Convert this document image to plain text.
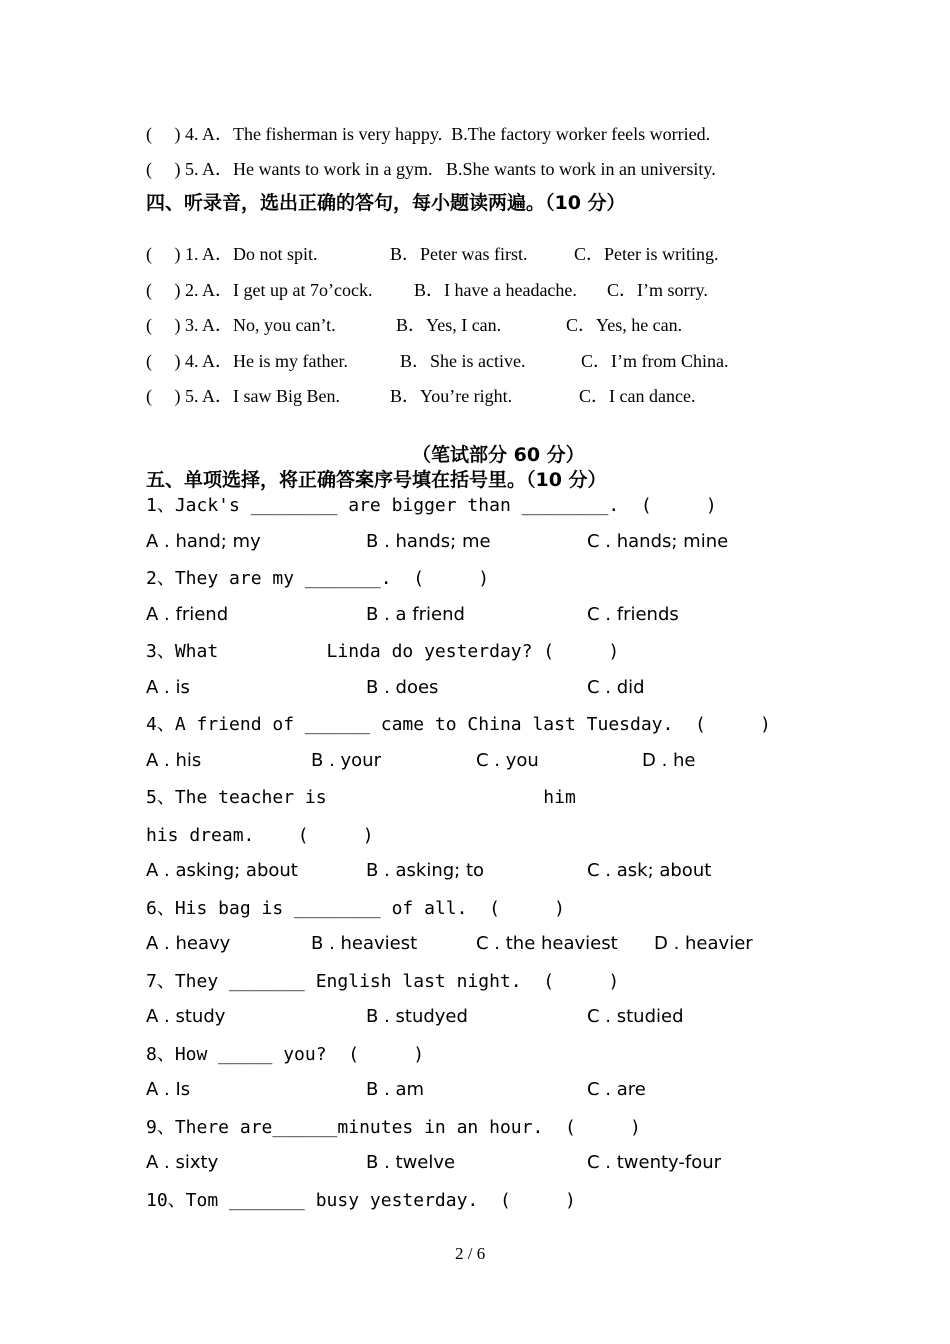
(     ) 4. A．The fisherman is very happy.  B.The factory worker feels worried.
(     ) 5. A．He wants to work in a gym.   B.She wants to work in an university.
四、听录音，选出正确的答句，每小题读两遍。（10 分）
(     ) 1. A．Do not spit.	B．Peter was first.	C．Peter is writing.
(     ) 2. A．I get up at 7o’cock. B．I have a headache. C．I’m sorry.
(     ) 3. A．No, you can’t.	B．Yes, I can.	C．Yes, he can.
(     ) 4. A．He is my father.	B．She is active.	C．I’m from China.
(     ) 5. A．I saw Big Ben.	B．You’re right.	C．I can dance.
（笔试部分 60 分）
五、单项选择，将正确答案序号填在括号里。（10 分）
1、Jack's ________ are bigger than ________.  (     )
A . hand; my	B . hands; me	C . hands; mine
2、They are my _______.  (     )
A . friend	B . a friend	C . friends
3、What          Linda do yesterday? (     )
A . is	B . does	C . did
4、A friend of ______ came to China last Tuesday.  (     )
A . his	B . your	C . you	D . he
5、The teacher is                    him
his dream.    (     )
A . asking; about	B . asking; to	C . ask; about
6、His bag is ________ of all.  (     )
A . heavy	B . heaviest	C . the heaviest D . heavier
7、They _______ English last night.  (     )
A . study	B . studyed	C . studied
8、How _____ you?  (     )
A . Is	B . am	C . are
9、There are______minutes in an hour.  (     )
A . sixty	B . twelve	C . twenty-four
10、Tom _______ busy yesterday.  (     )
2 / 6
